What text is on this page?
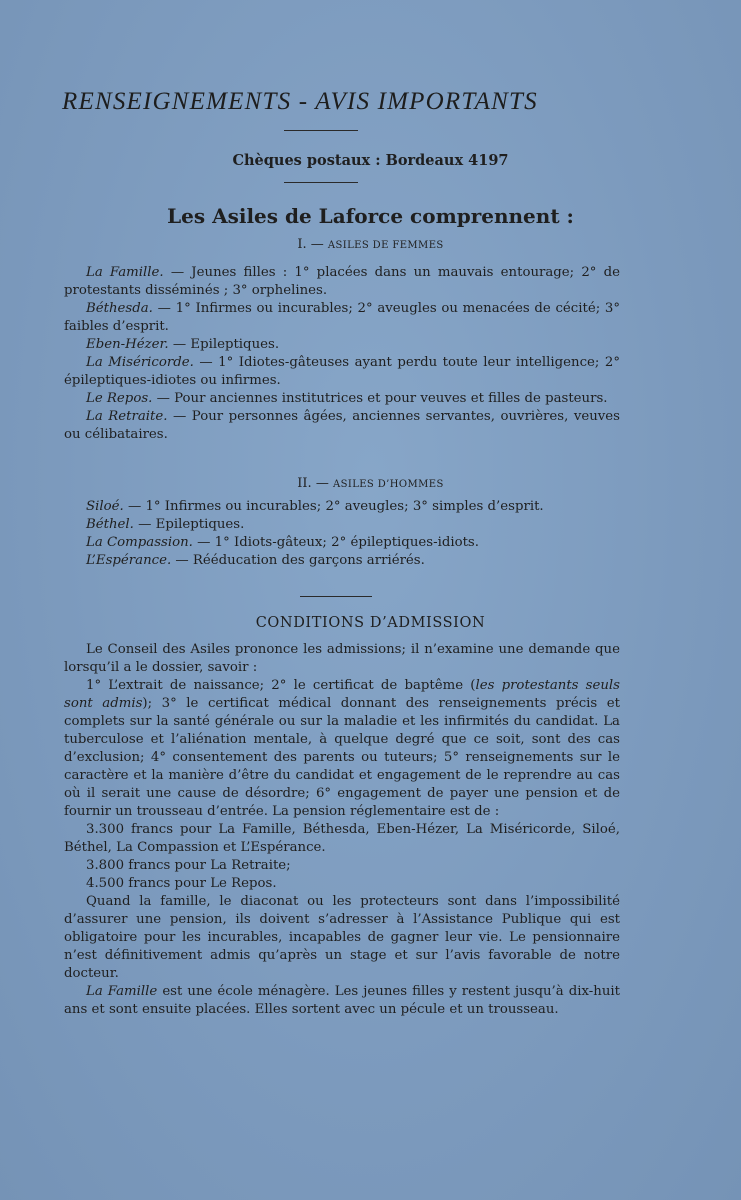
RENSEIGNEMENTS - AVIS IMPORTANTS

Chèques postaux : Bordeaux 4197

Les Asiles de Laforce comprennent :

I. — ASILES DE FEMMES

La Famille. — Jeunes filles : 1° placées dans un mauvais entourage; 2° de protestants disséminés ; 3° orphelines.

Béthesda. — 1° Infirmes ou incurables; 2° aveugles ou menacées de cécité; 3° faibles d’esprit.

Eben-Hézer. — Epileptiques.

La Miséricorde. — 1° Idiotes-gâteuses ayant perdu toute leur intelligence; 2° épileptiques-idiotes ou infirmes.

Le Repos. — Pour anciennes institutrices et pour veuves et filles de pasteurs.

La Retraite. — Pour personnes âgées, anciennes servantes, ouvrières, veuves ou célibataires.

II. — ASILES D’HOMMES

Siloé. — 1° Infirmes ou incurables; 2° aveugles; 3° simples d’esprit.

Béthel. — Epileptiques.

La Compassion. — 1° Idiots-gâteux; 2° épileptiques-idiots.

L’Espérance. — Rééducation des garçons arriérés.

CONDITIONS D’ADMISSION

Le Conseil des Asiles prononce les admissions; il n’examine une demande que lorsqu’il a le dossier, savoir :

1° L’extrait de naissance; 2° le certificat de baptême (les protestants seuls sont admis); 3° le certificat médical donnant des renseignements précis et complets sur la santé générale ou sur la maladie et les infirmités du candidat. La tuberculose et l’aliénation mentale, à quelque degré que ce soit, sont des cas d’exclusion; 4° consentement des parents ou tuteurs; 5° renseignements sur le caractère et la manière d’être du candidat et engagement de le reprendre au cas où il serait une cause de désordre; 6° engagement de payer une pension et de fournir un trousseau d’entrée. La pension réglementaire est de :

3.300 francs pour La Famille, Béthesda, Eben-Hézer, La Miséricorde, Siloé, Béthel, La Compassion et L’Espérance.

3.800 francs pour La Retraite;

4.500 francs pour Le Repos.

Quand la famille, le diaconat ou les protecteurs sont dans l’impossibilité d’assurer une pension, ils doivent s’adresser à l’Assistance Publique qui est obligatoire pour les incurables, incapables de gagner leur vie. Le pensionnaire n’est définitivement admis qu’après un stage et sur l’avis favorable de notre docteur.

La Famille est une école ménagère. Les jeunes filles y restent jusqu’à dix-huit ans et sont ensuite placées. Elles sortent avec un pécule et un trousseau.
